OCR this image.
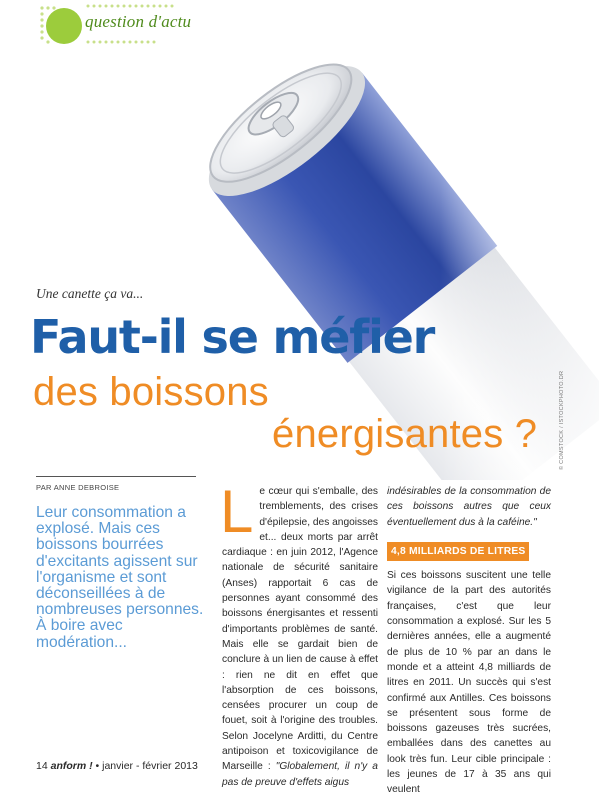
question d'actu
Une canette ça va...
Faut-il se méfier
des boissons
énergisantes ?	© COMSTOCK / ISTOCKPHOTO.DR
PAR ANNE DEBROISE
Leur consommation a explosé. Mais ces boissons bourrées d'excitants agissent sur l'organisme et sont déconseillées à de nombreuses personnes. À boire avec modération...

Le cœur qui s'emballe, des tremblements, des crises d'épilepsie, des angoisses et... deux morts par arrêt cardiaque : en juin 2012, l'Agence nationale de sécurité sanitaire (Anses) rapportait 6 cas de personnes ayant consommé des boissons énergisantes et ressenti d'importants problèmes de santé. Mais elle se gardait bien de conclure à un lien de cause à effet : rien ne dit en effet que l'absorption de ces boissons, censées procurer un coup de fouet, soit à l'origine des troubles. Selon Jocelyne Arditti, du Centre antipoison et toxicovigilance de Marseille : "Globalement, il n'y a pas de preuve d'effets aigus

indésirables de la consommation de ces boissons autres que ceux éventuellement dus à la caféine."

4,8 MILLIARDS DE LITRES

Si ces boissons suscitent une telle vigilance de la part des autorités françaises, c'est que leur consommation a explosé. Sur les 5 dernières années, elle a augmenté de plus de 10 % par an dans le monde et a atteint 4,8 milliards de litres en 2011. Un succès qui s'est confirmé aux Antilles. Ces boissons se présentent sous forme de boissons gazeuses très sucrées, emballées dans des canettes au look très fun. Leur cible principale : les jeunes de 17 à 35 ans qui veulent

14 anform ! • janvier - février 2013
